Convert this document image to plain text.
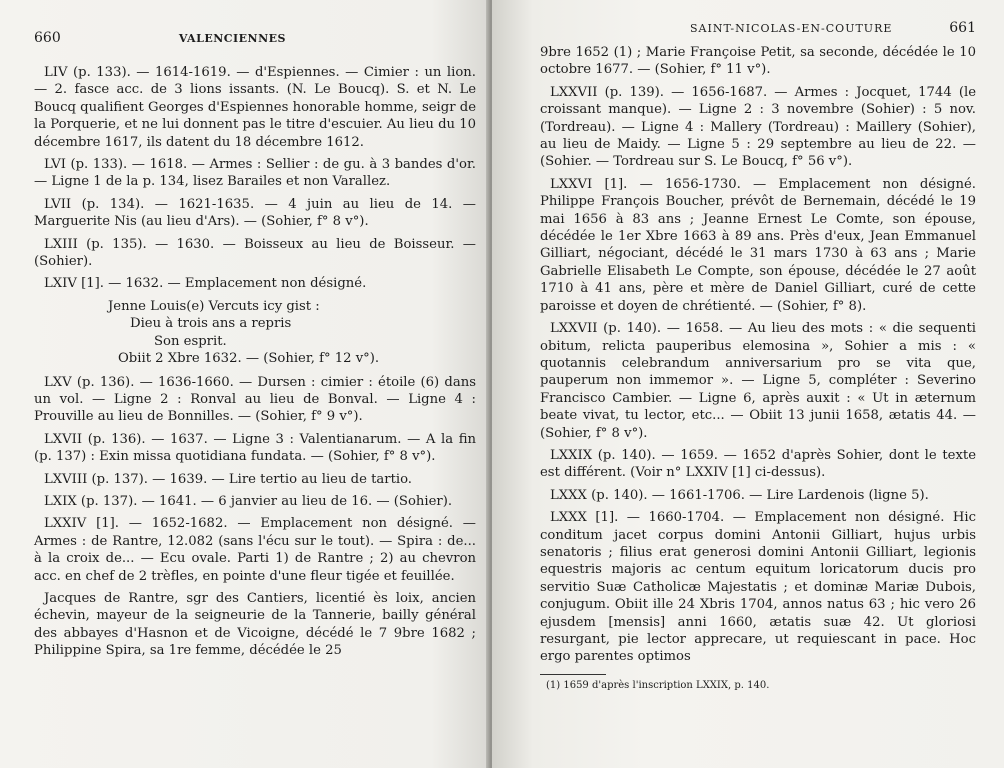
660	VALENCIENNES

LIV (p. 133). — 1614-1619. — d'Espiennes. — Cimier : un lion. — 2. fasce acc. de 3 lions issants. (N. Le Boucq). S. et N. Le Boucq qualifient Georges d'Espiennes honorable homme, seigr de la Porquerie, et ne lui donnent pas le titre d'escuier. Au lieu du 10 décembre 1617, ils datent du 18 décembre 1612.

LVI (p. 133). — 1618. — Armes : Sellier : de gu. à 3 bandes d'or. — Ligne 1 de la p. 134, lisez Barailes et non Varallez.

LVII (p. 134). — 1621-1635. — 4 juin au lieu de 14. — Marguerite Nis (au lieu d'Ars). — (Sohier, f° 8 v°).

LXIII (p. 135). — 1630. — Boisseux au lieu de Boisseur. — (Sohier).

LXIV [1]. — 1632. — Emplacement non désigné.

Jenne Louis(e) Vercuts icy gist :
Dieu à trois ans a repris
Son esprit.
Obiit 2 Xbre 1632. — (Sohier, f° 12 v°).

LXV (p. 136). — 1636-1660. — Dursen : cimier : étoile (6) dans un vol. — Ligne 2 : Ronval au lieu de Bonval. — Ligne 4 : Prouville au lieu de Bonnilles. — (Sohier, f° 9 v°).

LXVII (p. 136). — 1637. — Ligne 3 : Valentianarum. — A la fin (p. 137) : Exin missa quotidiana fundata. — (Sohier, f° 8 v°).

LXVIII (p. 137). — 1639. — Lire tertio au lieu de tartio.

LXIX (p. 137). — 1641. — 6 janvier au lieu de 16. — (Sohier).

LXXIV [1]. — 1652-1682. — Emplacement non désigné. — Armes : de Rantre, 12.082 (sans l'écu sur le tout). — Spira : de... à la croix de... — Ecu ovale. Parti 1) de Rantre ; 2) au chevron acc. en chef de 2 trèfles, en pointe d'une fleur tigée et feuillée.

Jacques de Rantre, sgr des Cantiers, licentié ès loix, ancien échevin, mayeur de la seigneurie de la Tannerie, bailly général des abbayes d'Hasnon et de Vicoigne, décédé le 7 9bre 1682 ; Philippine Spira, sa 1re femme, décédée le 25

SAINT-NICOLAS-EN-COUTURE	661

9bre 1652 (1) ; Marie Françoise Petit, sa seconde, décédée le 10 octobre 1677. — (Sohier, f° 11 v°).

LXXVII (p. 139). — 1656-1687. — Armes : Jocquet, 1744 (le croissant manque). — Ligne 2 : 3 novembre (Sohier) : 5 nov. (Tordreau). — Ligne 4 : Mallery (Tordreau) : Maillery (Sohier), au lieu de Maidy. — Ligne 5 : 29 septembre au lieu de 22. — (Sohier. — Tordreau sur S. Le Boucq, f° 56 v°).

LXXVI [1]. — 1656-1730. — Emplacement non désigné. Philippe François Boucher, prévôt de Bernemain, décédé le 19 mai 1656 à 83 ans ; Jeanne Ernest Le Comte, son épouse, décédée le 1er Xbre 1663 à 89 ans. Près d'eux, Jean Emmanuel Gilliart, négociant, décédé le 31 mars 1730 à 63 ans ; Marie Gabrielle Elisabeth Le Compte, son épouse, décédée le 27 août 1710 à 41 ans, père et mère de Daniel Gilliart, curé de cette paroisse et doyen de chrétienté. — (Sohier, f° 8).

LXXVII (p. 140). — 1658. — Au lieu des mots : « die sequenti obitum, relicta pauperibus elemosina », Sohier a mis : « quotannis celebrandum anniversarium pro se vita que, pauperum non immemor ». — Ligne 5, compléter : Severino Francisco Cambier. — Ligne 6, après auxit : « Ut in æternum beate vivat, tu lector, etc... — Obiit 13 junii 1658, ætatis 44. — (Sohier, f° 8 v°).

LXXIX (p. 140). — 1659. — 1652 d'après Sohier, dont le texte est différent. (Voir n° LXXIV [1] ci-dessus).

LXXX (p. 140). — 1661-1706. — Lire Lardenois (ligne 5).

LXXX [1]. — 1660-1704. — Emplacement non désigné. Hic conditum jacet corpus domini Antonii Gilliart, hujus urbis senatoris ; filius erat generosi domini Antonii Gilliart, legionis equestris majoris ac centum equitum loricatorum ducis pro servitio Suæ Catholicæ Majestatis ; et dominæ Mariæ Dubois, conjugum. Obiit ille 24 Xbris 1704, annos natus 63 ; hic vero 26 ejusdem [mensis] anni 1660, ætatis suæ 42. Ut gloriosi resurgant, pie lector apprecare, ut requiescant in pace. Hoc ergo parentes optimos

(1) 1659 d'après l'inscription LXXIX, p. 140.
